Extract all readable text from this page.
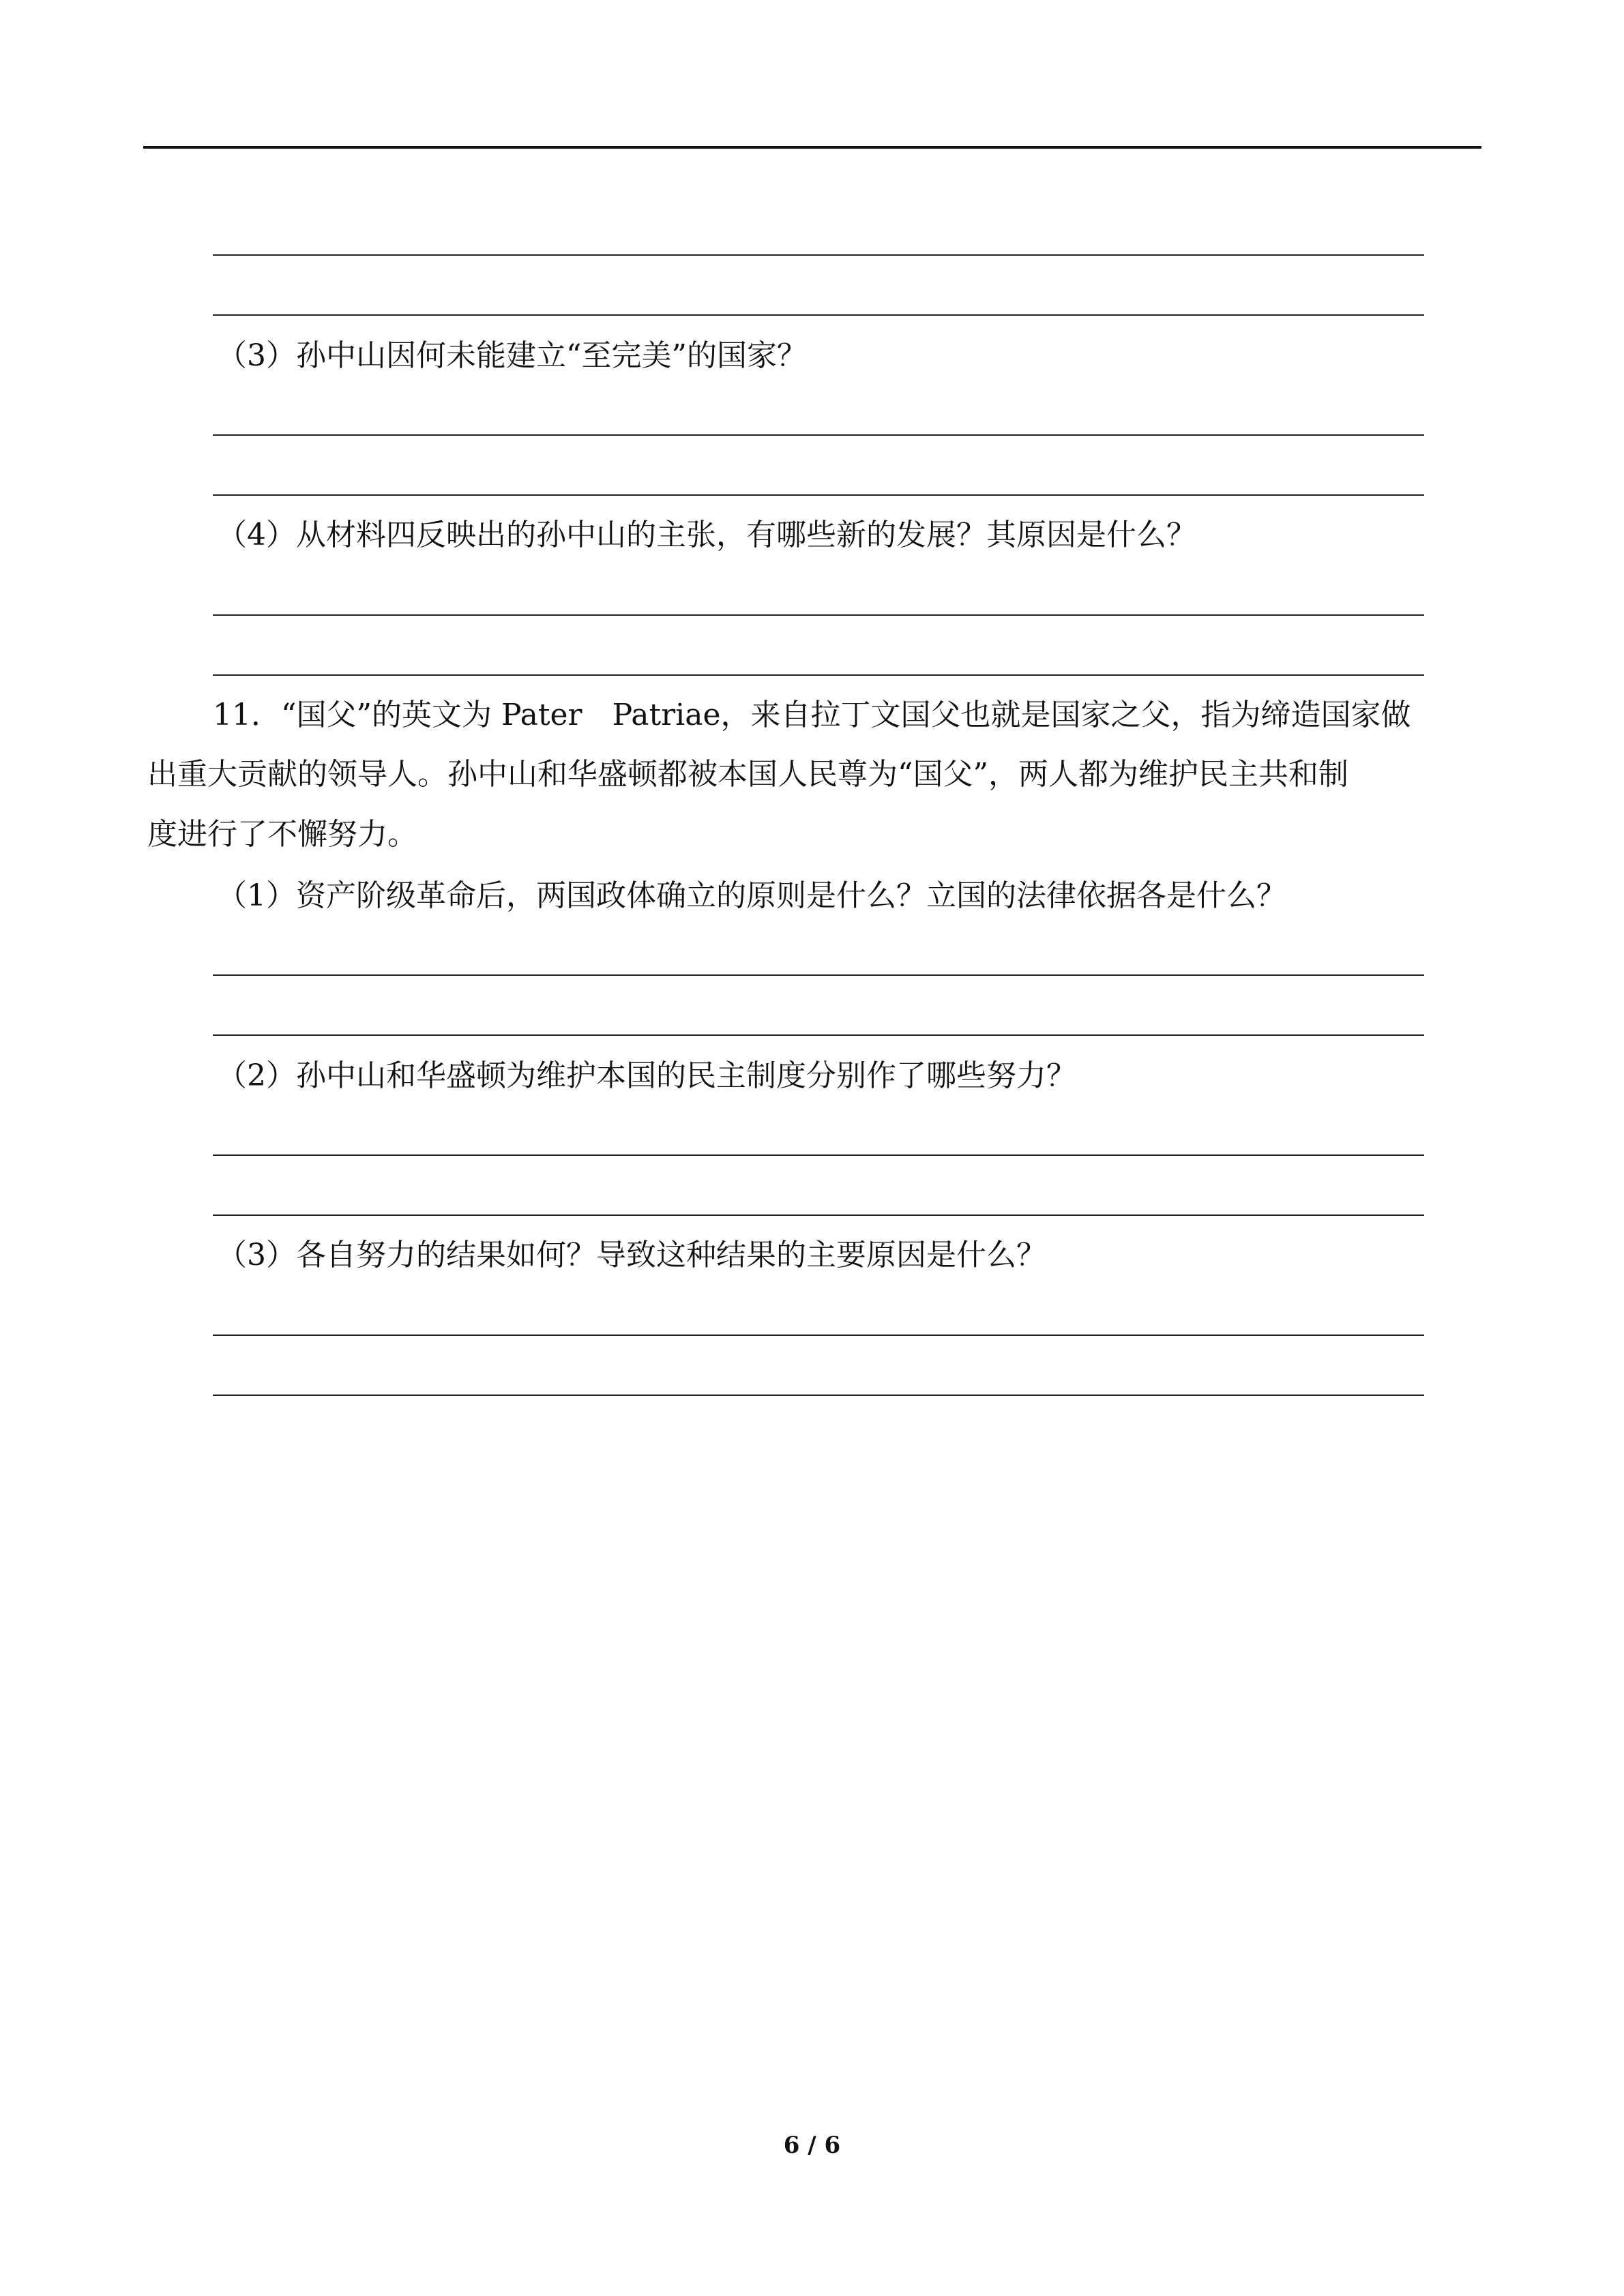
（3）孙中山因何未能建立“至完美”的国家？
（4）从材料四反映出的孙中山的主张，有哪些新的发展？其原因是什么？
11．“国父”的英文为 Pater　Patriae，来自拉丁文国父也就是国家之父，指为缔造国家做
出重大贡献的领导人。孙中山和华盛顿都被本国人民尊为“国父”，两人都为维护民主共和制
度进行了不懈努力。
（1）资产阶级革命后，两国政体确立的原则是什么？立国的法律依据各是什么？
（2）孙中山和华盛顿为维护本国的民主制度分别作了哪些努力？
（3）各自努力的结果如何？导致这种结果的主要原因是什么？
6 / 6
